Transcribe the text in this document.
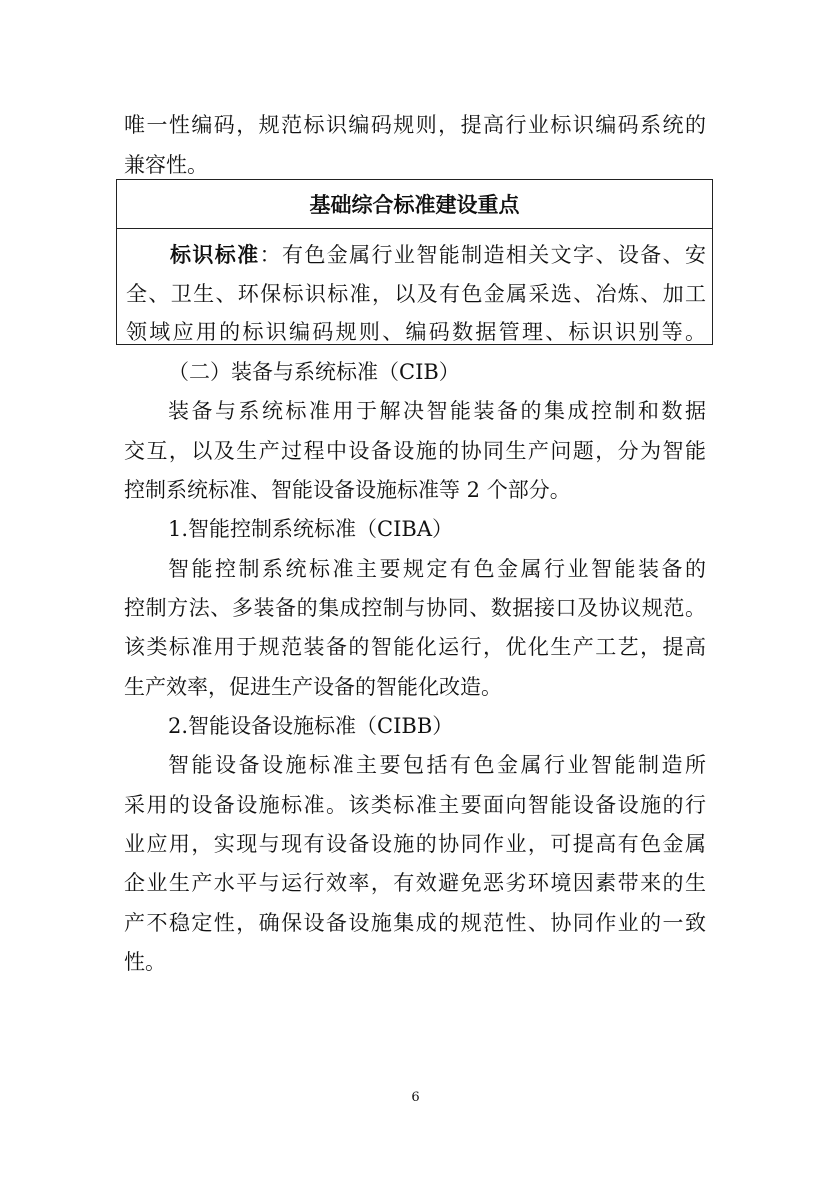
唯一性编码，规范标识编码规则，提高行业标识编码系统的
兼容性。
基础综合标准建设重点
标识标准：有色金属行业智能制造相关文字、设备、安
全、卫生、环保标识标准，以及有色金属采选、冶炼、加工
领域应用的标识编码规则、编码数据管理、标识识别等。
（二）装备与系统标准（CIB）
装备与系统标准用于解决智能装备的集成控制和数据
交互，以及生产过程中设备设施的协同生产问题，分为智能
控制系统标准、智能设备设施标准等 2 个部分。
1.智能控制系统标准（CIBA）
智能控制系统标准主要规定有色金属行业智能装备的
控制方法、多装备的集成控制与协同、数据接口及协议规范。
该类标准用于规范装备的智能化运行，优化生产工艺，提高
生产效率，促进生产设备的智能化改造。
2.智能设备设施标准（CIBB）
智能设备设施标准主要包括有色金属行业智能制造所
采用的设备设施标准。该类标准主要面向智能设备设施的行
业应用，实现与现有设备设施的协同作业，可提高有色金属
企业生产水平与运行效率，有效避免恶劣环境因素带来的生
产不稳定性，确保设备设施集成的规范性、协同作业的一致
性。
6
